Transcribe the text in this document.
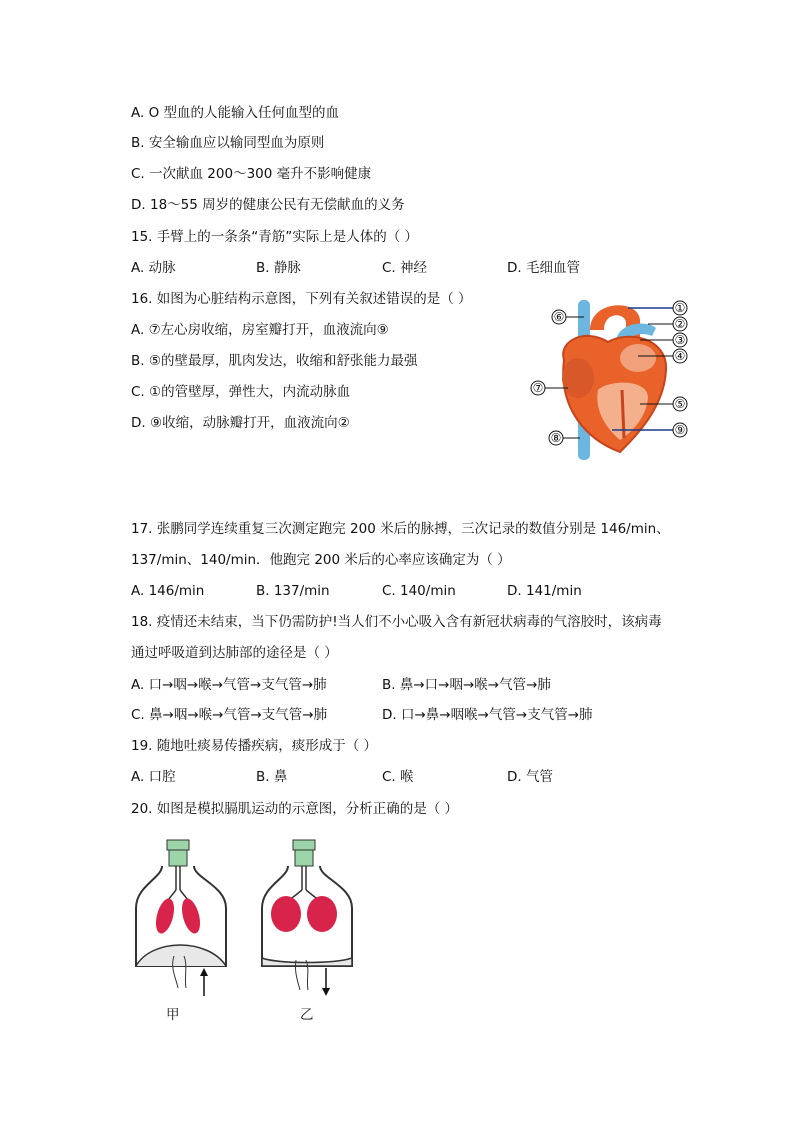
A. O 型血的人能输入任何血型的血
B. 安全输血应以输同型血为原则
C. 一次献血 200～300 毫升不影响健康
D. 18～55 周岁的健康公民有无偿献血的义务
15. 手臂上的一条条“青筋”实际上是人体的（ ）
A. 动脉	B. 静脉	C. 神经	D. 毛细血管
16. 如图为心脏结构示意图，下列有关叙述错误的是（ ）
A. ⑦左心房收缩，房室瓣打开，血液流向⑨
B. ⑤的壁最厚，肌肉发达，收缩和舒张能力最强
C. ①的管壁厚，弹性大，内流动脉血
D. ⑨收缩，动脉瓣打开，血液流向②
⑥
①
②
③
④
⑦
⑤
⑨
⑧
17. 张鹏同学连续重复三次测定跑完 200 米后的脉搏，三次记录的数值分别是 146/min、
137/min、140/min．他跑完 200 米后的心率应该确定为（ ）
A. 146/min	B. 137/min	C. 140/min	D. 141/min
18. 疫情还未结束，当下仍需防护!当人们不小心吸入含有新冠状病毒的气溶胶时，该病毒
通过呼吸道到达肺部的途径是（ ）
A. 口→咽→喉→气管→支气管→肺	B. 鼻→口→咽→喉→气管→肺
C. 鼻→咽→喉→气管→支气管→肺	D. 口→鼻→咽喉→气管→支气管→肺
19. 随地吐痰易传播疾病，痰形成于（ ）
A. 口腔	B. 鼻	C. 喉	D. 气管
20. 如图是模拟膈肌运动的示意图，分析正确的是（ ）
甲	乙
